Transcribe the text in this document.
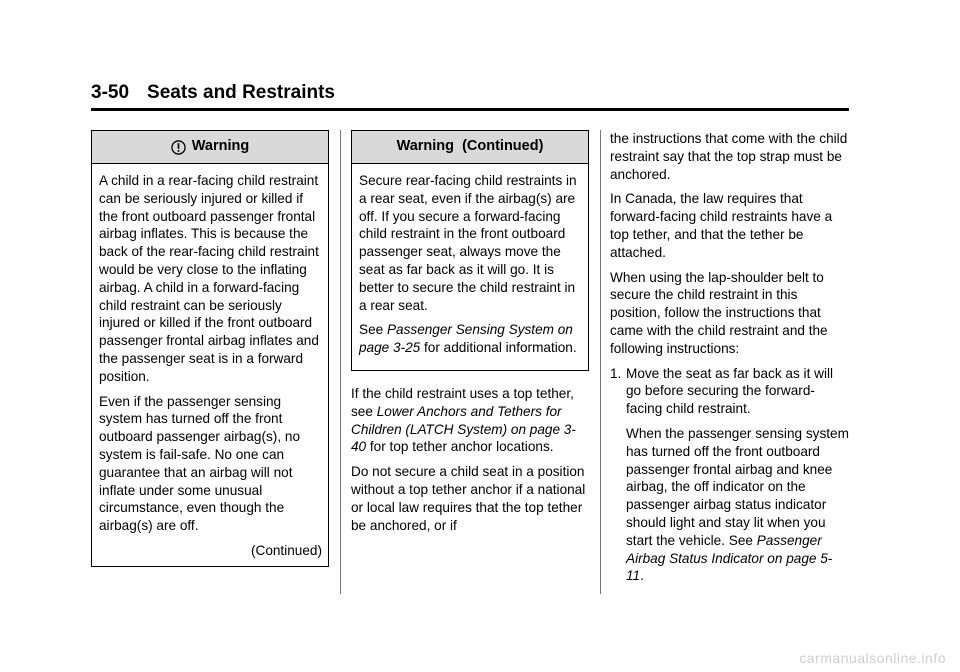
3-50 Seats and Restraints
Warning

A child in a rear-facing child restraint can be seriously injured or killed if the front outboard passenger frontal airbag inflates. This is because the back of the rear-facing child restraint would be very close to the inflating airbag. A child in a forward-facing child restraint can be seriously injured or killed if the front outboard passenger frontal airbag inflates and the passenger seat is in a forward position.

Even if the passenger sensing system has turned off the front outboard passenger airbag(s), no system is fail-safe. No one can guarantee that an airbag will not inflate under some unusual circumstance, even though the airbag(s) are off.

(Continued)
Warning  (Continued)

Secure rear-facing child restraints in a rear seat, even if the airbag(s) are off. If you secure a forward-facing child restraint in the front outboard passenger seat, always move the seat as far back as it will go. It is better to secure the child restraint in a rear seat.

See Passenger Sensing System on page 3-25 for additional information.

If the child restraint uses a top tether, see Lower Anchors and Tethers for Children (LATCH System) on page 3-40 for top tether anchor locations.

Do not secure a child seat in a position without a top tether anchor if a national or local law requires that the top tether be anchored, or if

the instructions that come with the child restraint say that the top strap must be anchored.

In Canada, the law requires that forward-facing child restraints have a top tether, and that the tether be attached.

When using the lap-shoulder belt to secure the child restraint in this position, follow the instructions that came with the child restraint and the following instructions:

1. Move the seat as far back as it will go before securing the forward-facing child restraint.

When the passenger sensing system has turned off the front outboard passenger frontal airbag and knee airbag, the off indicator on the passenger airbag status indicator should light and stay lit when you start the vehicle. See Passenger Airbag Status Indicator on page 5-11.

carmanualsonline.info
